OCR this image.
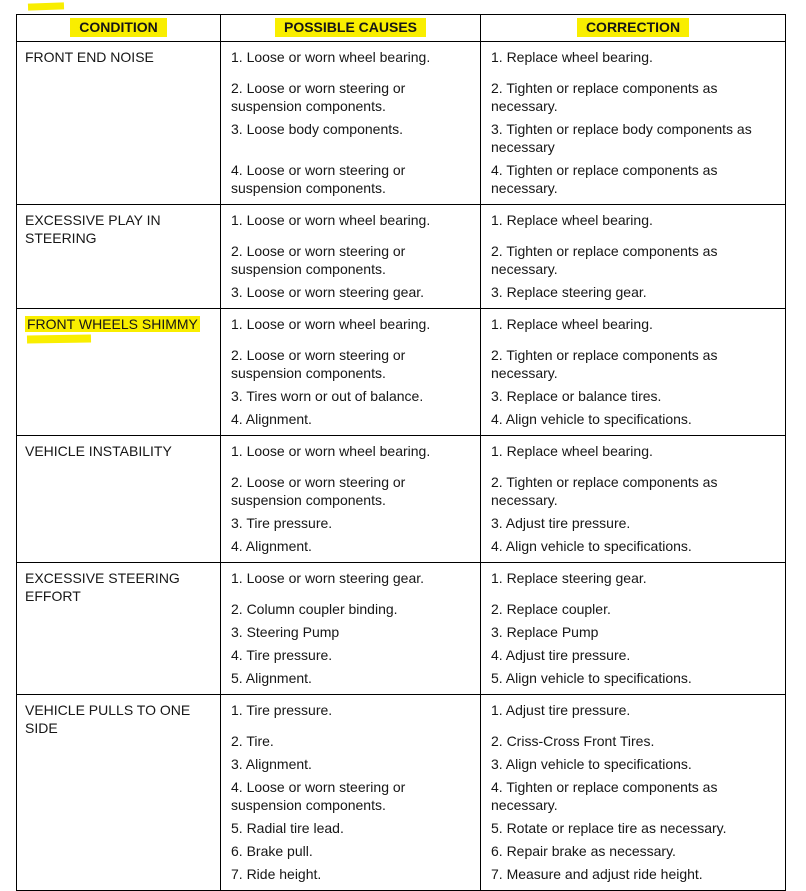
CONDITION	POSSIBLE CAUSES	CORRECTION
FRONT END NOISE	1. Loose or worn wheel bearing.	1. Replace wheel bearing.
2. Loose or worn steering or suspension components.
2. Tighten or replace components as necessary.
3. Loose body components.	3. Tighten or replace body components as necessary
4. Loose or worn steering or suspension components.
4. Tighten or replace components as necessary.
EXCESSIVE PLAY IN STEERING
1. Loose or worn wheel bearing.	1. Replace wheel bearing.
2. Loose or worn steering or suspension components.
2. Tighten or replace components as necessary.
3. Loose or worn steering gear.	3. Replace steering gear.
FRONT WHEELS SHIMMY	1. Loose or worn wheel bearing.	1. Replace wheel bearing.
2. Loose or worn steering or suspension components.
2. Tighten or replace components as necessary.
3. Tires worn or out of balance.	3. Replace or balance tires.
4. Alignment.	4. Align vehicle to specifications.
VEHICLE INSTABILITY	1. Loose or worn wheel bearing.	1. Replace wheel bearing.
2. Loose or worn steering or suspension components.
2. Tighten or replace components as necessary.
3. Tire pressure.	3. Adjust tire pressure.
4. Alignment.	4. Align vehicle to specifications.
EXCESSIVE STEERING EFFORT
1. Loose or worn steering gear.	1. Replace steering gear.
2. Column coupler binding.	2. Replace coupler.
3. Steering Pump	3. Replace Pump
4. Tire pressure.	4. Adjust tire pressure.
5. Alignment.	5. Align vehicle to specifications.
VEHICLE PULLS TO ONE SIDE
1. Tire pressure.	1. Adjust tire pressure.
2. Tire.	2. Criss-Cross Front Tires.
3. Alignment.	3. Align vehicle to specifications.
4. Loose or worn steering or suspension components.
4. Tighten or replace components as necessary.
5. Radial tire lead.	5. Rotate or replace tire as necessary.
6. Brake pull.	6. Repair brake as necessary.
7. Ride height.	7. Measure and adjust ride height.
